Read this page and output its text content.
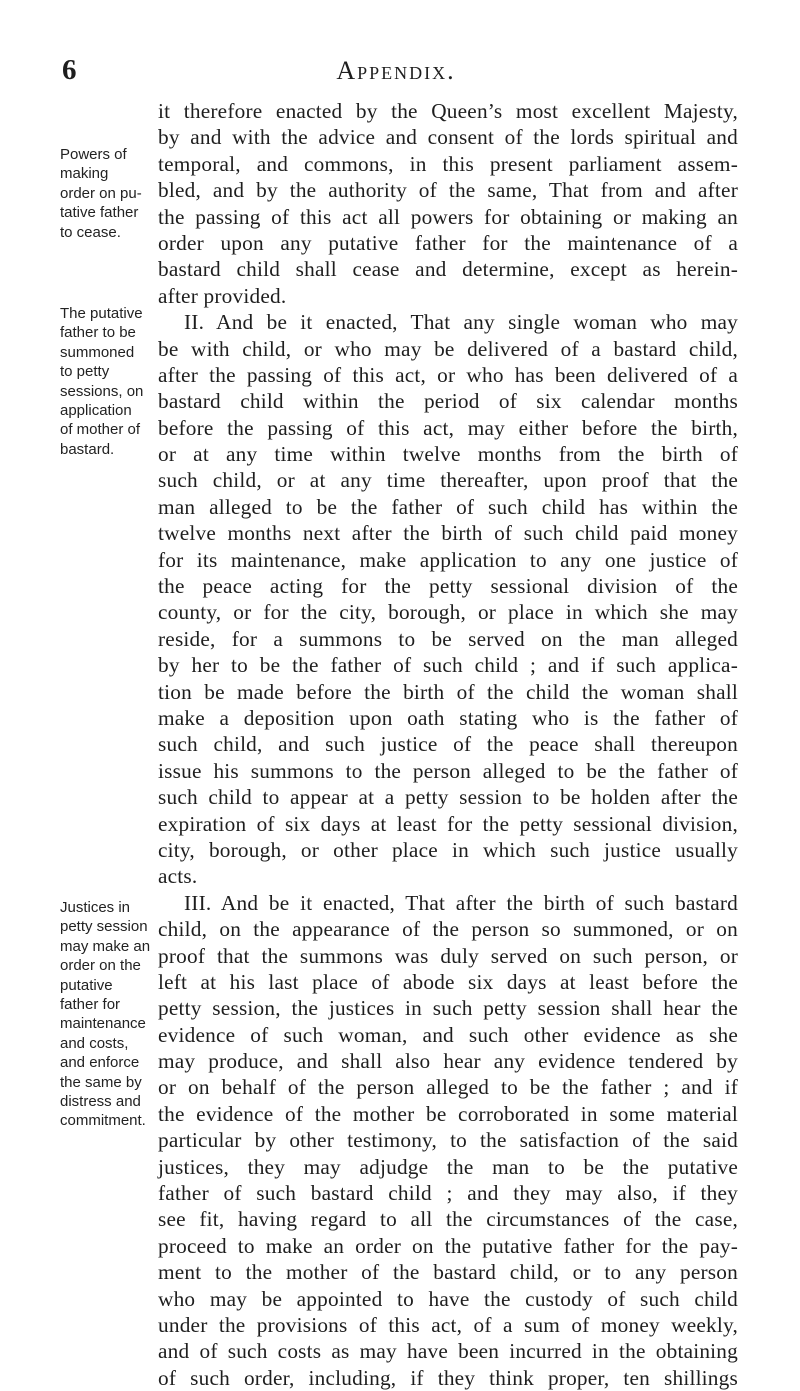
6	Appendix.
Powers of
making
order on pu-
tative father
to cease.
The putative
father to be
summoned
to petty
sessions, on
application
of mother of
bastard.
Justices in
petty session
may make an
order on the
putative
father for
maintenance
and costs,
and enforce
the same by
distress and
commitment.
it therefore enacted by the Queen’s most excellent Majesty,
by and with the advice and consent of the lords spiritual and
temporal, and commons, in this present parliament assem-
bled, and by the authority of the same, That from and after
the passing of this act all powers for obtaining or making an
order upon any putative father for the maintenance of a
bastard child shall cease and determine, except as herein-
after provided.
II. And be it enacted, That any single woman who may
be with child, or who may be delivered of a bastard child,
after the passing of this act, or who has been delivered of a
bastard child within the period of six calendar months
before the passing of this act, may either before the birth,
or at any time within twelve months from the birth of
such child, or at any time thereafter, upon proof that the
man alleged to be the father of such child has within the
twelve months next after the birth of such child paid money
for its maintenance, make application to any one justice of
the peace acting for the petty sessional division of the
county, or for the city, borough, or place in which she may
reside, for a summons to be served on the man alleged
by her to be the father of such child ; and if such applica-
tion be made before the birth of the child the woman shall
make a deposition upon oath stating who is the father of
such child, and such justice of the peace shall thereupon
issue his summons to the person alleged to be the father of
such child to appear at a petty session to be holden after the
expiration of six days at least for the petty sessional division,
city, borough, or other place in which such justice usually
acts.
III. And be it enacted, That after the birth of such bastard
child, on the appearance of the person so summoned, or on
proof that the summons was duly served on such person, or
left at his last place of abode six days at least before the
petty session, the justices in such petty session shall hear the
evidence of such woman, and such other evidence as she
may produce, and shall also hear any evidence tendered by
or on behalf of the person alleged to be the father ; and if
the evidence of the mother be corroborated in some material
particular by other testimony, to the satisfaction of the said
justices, they may adjudge the man to be the putative
father of such bastard child ; and they may also, if they
see fit, having regard to all the circumstances of the case,
proceed to make an order on the putative father for the pay-
ment to the mother of the bastard child, or to any person
who may be appointed to have the custody of such child
under the provisions of this act, of a sum of money weekly,
and of such costs as may have been incurred in the obtaining
of such order, including, if they think proper, ten shillings
